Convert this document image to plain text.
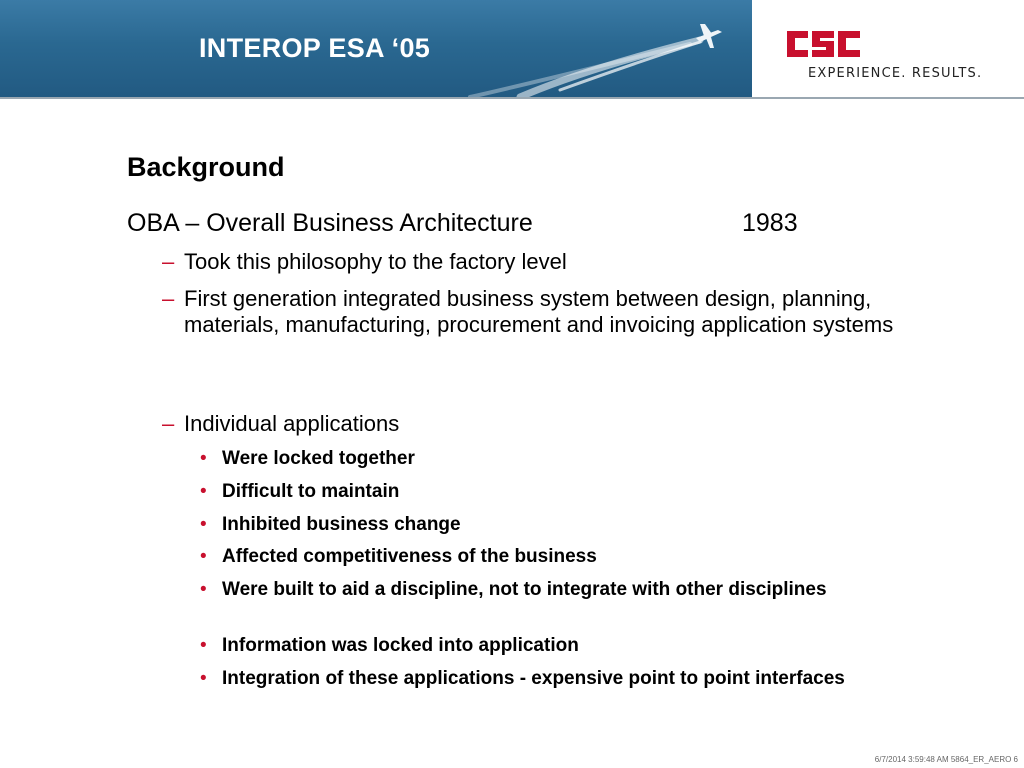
INTEROP ESA ‘05
EXPERIENCE. RESULTS.
Background
OBA – Overall Business Architecture	1983
– Took this philosophy to the factory level
– First generation integrated business system between design, planning, materials, manufacturing, procurement and invoicing application systems
– Individual applications
• Were locked together
• Difficult to maintain
• Inhibited business change
• Affected competitiveness of the business
• Were built to aid a discipline, not to integrate with other disciplines
• Information was locked into application
• Integration of these applications - expensive point to point interfaces
6/7/2014 3:59:48 AM 5864_ER_AERO 6
